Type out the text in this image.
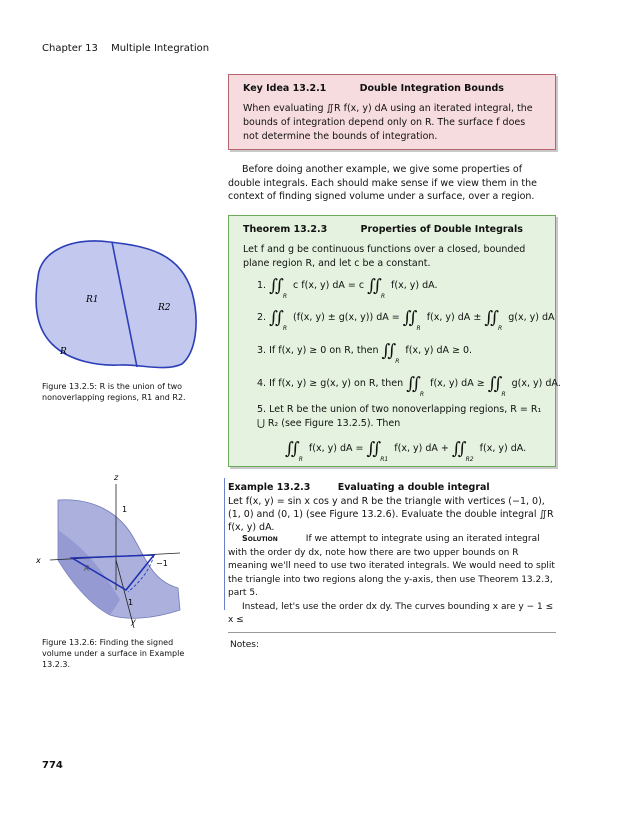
Chapter 13 Multiple Integration
Key Idea 13.2.1	Double Integration Bounds
When evaluating ∬R f(x, y) dA using an iterated integral, the bounds of integration depend only on R. The surface f does not determine the bounds of integration.

Before doing another example, we give some properties of double integrals. Each should make sense if we view them in the context of finding signed volume under a surface, over a region.

R1
R2
R
Figure 13.2.5: R is the union of two nonoverlapping regions, R1 and R2.
Theorem 13.2.3	Properties of Double Integrals
Let f and g be continuous functions over a closed, bounded plane region R, and let c be a constant.
1. $\int\int_R$ c f(x, y) dA = c $\int\int_R$ f(x, y) dA.
2. $\int\int_R$ (f(x, y) ± g(x, y)) dA = $\int\int_R$ f(x, y) dA ± $\int\int_R$ g(x, y) dA
3. If f(x, y) ≥ 0 on R, then $\int\int_R$ f(x, y) dA ≥ 0.
4. If f(x, y) ≥ g(x, y) on R, then $\int\int_R$ f(x, y) dA ≥ $\int\int_R$ g(x, y) dA.
5. Let R be the union of two nonoverlapping regions, R = R₁ ⋃ R₂ (see Figure 13.2.5). Then
$\int\int_R$ f(x, y) dA = $\int\int_{R1}$ f(x, y) dA + $\int\int_{R2}$ f(x, y) dA.
z
x
y
1
−1
1
R
Figure 13.2.6: Finding the signed volume under a surface in Example 13.2.3.
Example 13.2.3	Evaluating a double integral
Let f(x, y) = sin x cos y and R be the triangle with vertices (−1, 0), (1, 0) and (0, 1) (see Figure 13.2.6). Evaluate the double integral ∬R f(x, y) dA.

Solution	If we attempt to integrate using an iterated integral with the order dy dx, note how there are two upper bounds on R meaning we'll need to use two iterated integrals. We would need to split the triangle into two regions along the y-axis, then use Theorem 13.2.3, part 5.

Instead, let's use the order dx dy. The curves bounding x are y − 1 ≤ x ≤

Notes:
774
